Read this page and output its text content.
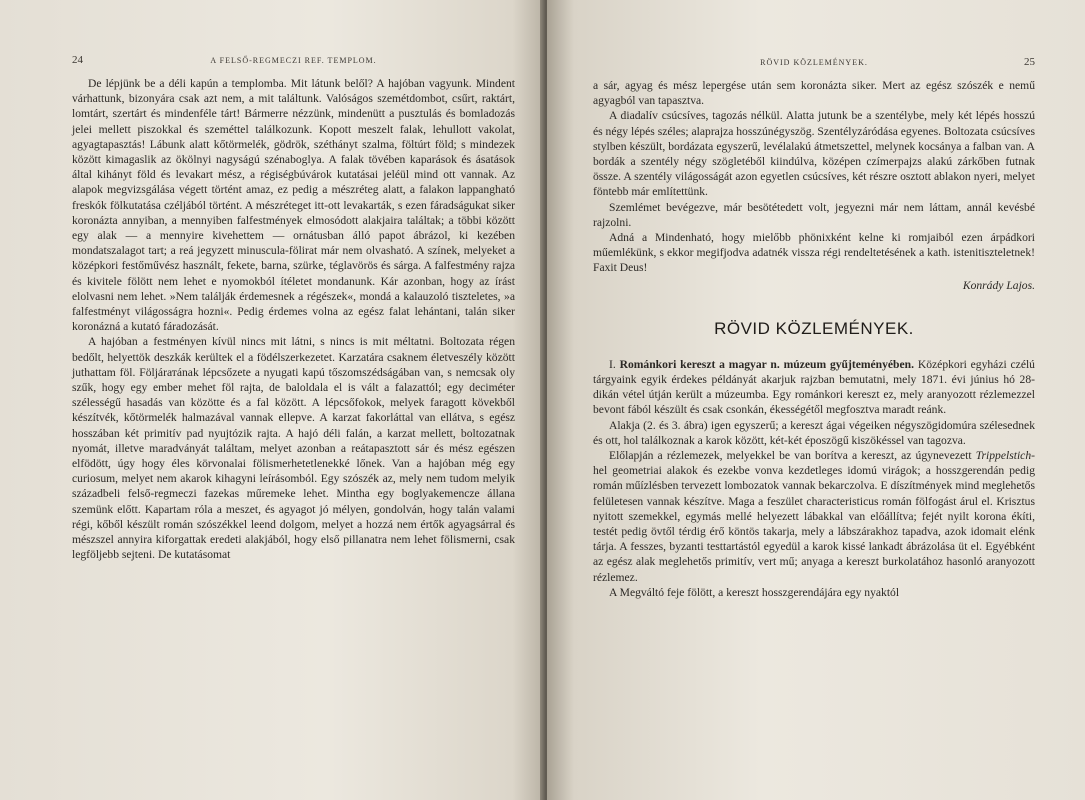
24	A FELSŐ-REGMECZI REF. TEMPLOM.

De lépjünk be a déli kapún a templomba. Mit látunk belől? A hajóban vagyunk. Mindent várhattunk, bizonyára csak azt nem, a mit találtunk. Valóságos szemétdombot, csűrt, raktárt, lomtárt, szertárt és mindenféle tárt! Bármerre nézzünk, mindenütt a pusztulás és bomladozás jelei mellett piszokkal és szeméttel találkozunk. Kopott meszelt falak, lehullott vakolat, agyagtapasztás! Lábunk alatt kőtörmelék, gödrök, széthányt szalma, föltúrt föld; s mindezek között kimagaslik az ökölnyi nagyságú szénaboglya. A falak tövében kaparások és ásatások által kihányt föld és levakart mész, a régiségbúvárok kutatásai jeléül mind ott vannak. Az alapok megvizsgálása végett történt amaz, ez pedig a mészréteg alatt, a falakon lappangható freskók fölkutatása czéljából történt. A mészréteget itt-ott levakarták, s ezen fáradságukat siker koronázta annyiban, a mennyiben falfestmények elmosódott alakjaira találtak; a többi között egy alak — a mennyire kivehettem — ornátusban álló papot ábrázol, ki kezében mondatszalagot tart; a reá jegyzett minuscula-fölirat már nem olvasható. A színek, melyeket a középkori festőművész használt, fekete, barna, szürke, téglavörös és sárga. A falfestmény rajza és kivitele fölött nem lehet e nyomokból ítéletet mondanunk. Kár azonban, hogy az írást elolvasni nem lehet. »Nem találják érdemesnek a régészek«, mondá a kalauzoló tiszteletes, »a falfestményt világosságra hozni«. Pedig érdemes volna az egész falat lehántani, talán siker koronázná a kutató fáradozását.

A hajóban a festményen kívül nincs mit látni, s nincs is mit méltatni. Boltozata régen bedőlt, helyettök deszkák kerültek el a födélszerkezetet. Karzatára csaknem életveszély között juthattam föl. Följárатának lépcsőzete a nyugati kapú tőszomszédságában van, s nemcsak oly szűk, hogy egy ember mehet föl rajta, de baloldala el is vált a falazattól; egy deciméter szélességű hasadás van közötte és a fal között. A lépcsőfokok, melyek faragott kövekből készítvék, kőtörmelék halmazával vannak ellepve. A karzat fakorláttal van ellátva, s egész hosszában két primitív pad nyujtózik rajta. A hajó déli falán, a karzat mellett, boltozatnak nyomát, illetve maradványát találtam, melyet azonban a reátapasztott sár és mész egészen elfödött, úgy hogy éles körvonalai fölismerhetetlenekké lőnek. Van a hajóban még egy curiosum, melyet nem akarok kihagyni leírásomból. Egy szószék az, mely nem tudom melyik századbeli felső-regmeczi fazekas műremeke lehet. Mintha egy boglyakemencze állana szemünk előtt. Kapartam róla a meszet, és agyagot jó mélyen, gondolván, hogy talán valami régi, kőből készült román szószékkel leend dolgom, melyet a hozzá nem értők agyagsárral és mészszel annyira kiforgattak eredeti alakjából, hogy első pillanatra nem lehet fölismerni, csak legföljebb sejteni. De kutatásomat

RÖVID KÖZLEMÉNYEK.	25

a sár, agyag és mész lepergése után sem koronázta siker. Mert az egész szószék e nemű agyagból van tapasztva.

A diadalív csúcsíves, tagozás nélkül. Alatta jutunk be a szentélybe, mely két lépés hosszú és négy lépés széles; alaprajza hosszúnégyszög. Szentélyzáródása egyenes. Boltozata csúcsíves stylben készült, bordázata egyszerű, levélalakú átmetszettel, melynek kocsánya a falban van. A bordák a szentély négy szögletéből kiindúlva, középen czímerpajzs alakú zárkőben futnak össze. A szentély világosságát azon egyetlen csúcsíves, két részre osztott ablakon nyeri, melyet föntebb már említettünk.

Szemlémet bevégezve, már besötétedett volt, jegyezni már nem láttam, annál kevésbé rajzolni.

Adná a Mindenható, hogy mielőbb phönixként kelne ki romjaiból ezen árpádkori műemlékünk, s ekkor megifjodva adatnék vissza régi rendeltetésének a kath. istenitiszteletnek! Faxit Deus!

Konrády Lajos.

RÖVID KÖZLEMÉNYEK.

I. Románkori kereszt a magyar n. múzeum gyűjteményében. Középkori egyházi czélú tárgyaink egyik érdekes példányát akarjuk rajzban bemutatni, mely 1871. évi június hó 28-dikán vétel útján került a múzeumba. Egy románkori kereszt ez, mely aranyozott rézlemezzel bevont fából készült és csak csonkán, ékességétől megfosztva maradt reánk.

Alakja (2. és 3. ábra) igen egyszerű; a kereszt ágai végeiken négyszögidomúra szélesednek és ott, hol találkoznak a karok között, két-két époszögű kiszökéssel van tagozva.

Előlapján a rézlemezek, melyekkel be van borítva a kereszt, az úgynevezett Trippelstich-hel geometriai alakok és ezekbe vonva kezdetleges idomú virágok; a hosszgerendán pedig román műízlésben tervezett lombozatok vannak bekarczolva. E díszítmények mind meglehetős felületesen vannak készítve. Maga a feszület characteristicus román fölfogást árul el. Krisztus nyitott szemekkel, egymás mellé helyezett lábakkal van előállítva; fejét nyilt korona ékíti, testét pedig övtől térdig érő köntös takarja, mely a lábszárakhoz tapadva, azok idomait elénk tárja. A fesszes, byzanti testtartástól egyedül a karok kissé lankadt ábrázolása üt el. Egyébként az egész alak meglehetős primitív, vert mű; anyaga a kereszt burkolatához hasonló aranyozott rézlemez.

A Megváltó feje fölött, a kereszt hosszgerendájára egy nyaktól
